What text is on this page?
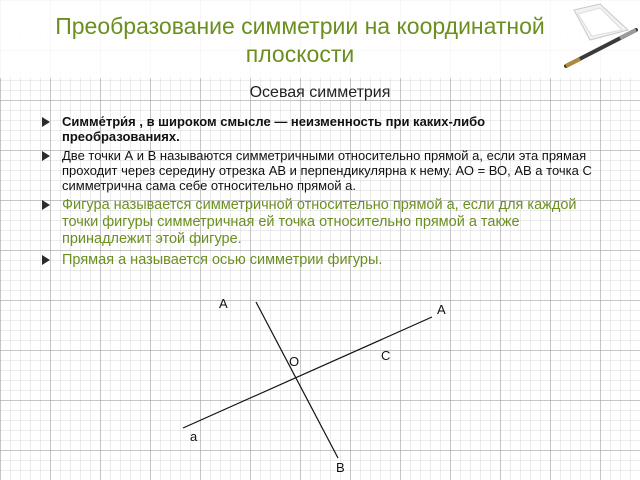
Преобразование симметрии на координатной плоскости
Осевая симметрия
Симме́три́я , в широком смысле — неизменность при каких-либо преобразованиях.
Две точки А и В называются симметричными относительно прямой а, если эта прямая проходит через середину отрезка АВ и перпендикулярна к нему. АО = ВО, АВ а точка С симметрична сама себе относительно прямой а.
Фигура называется симметричной относительно прямой а, если для каждой точки фигуры симметричная ей точка относительно прямой а также принадлежит этой фигуре.
Прямая а называется осью симметрии фигуры.
А	А
С
О
а
В
